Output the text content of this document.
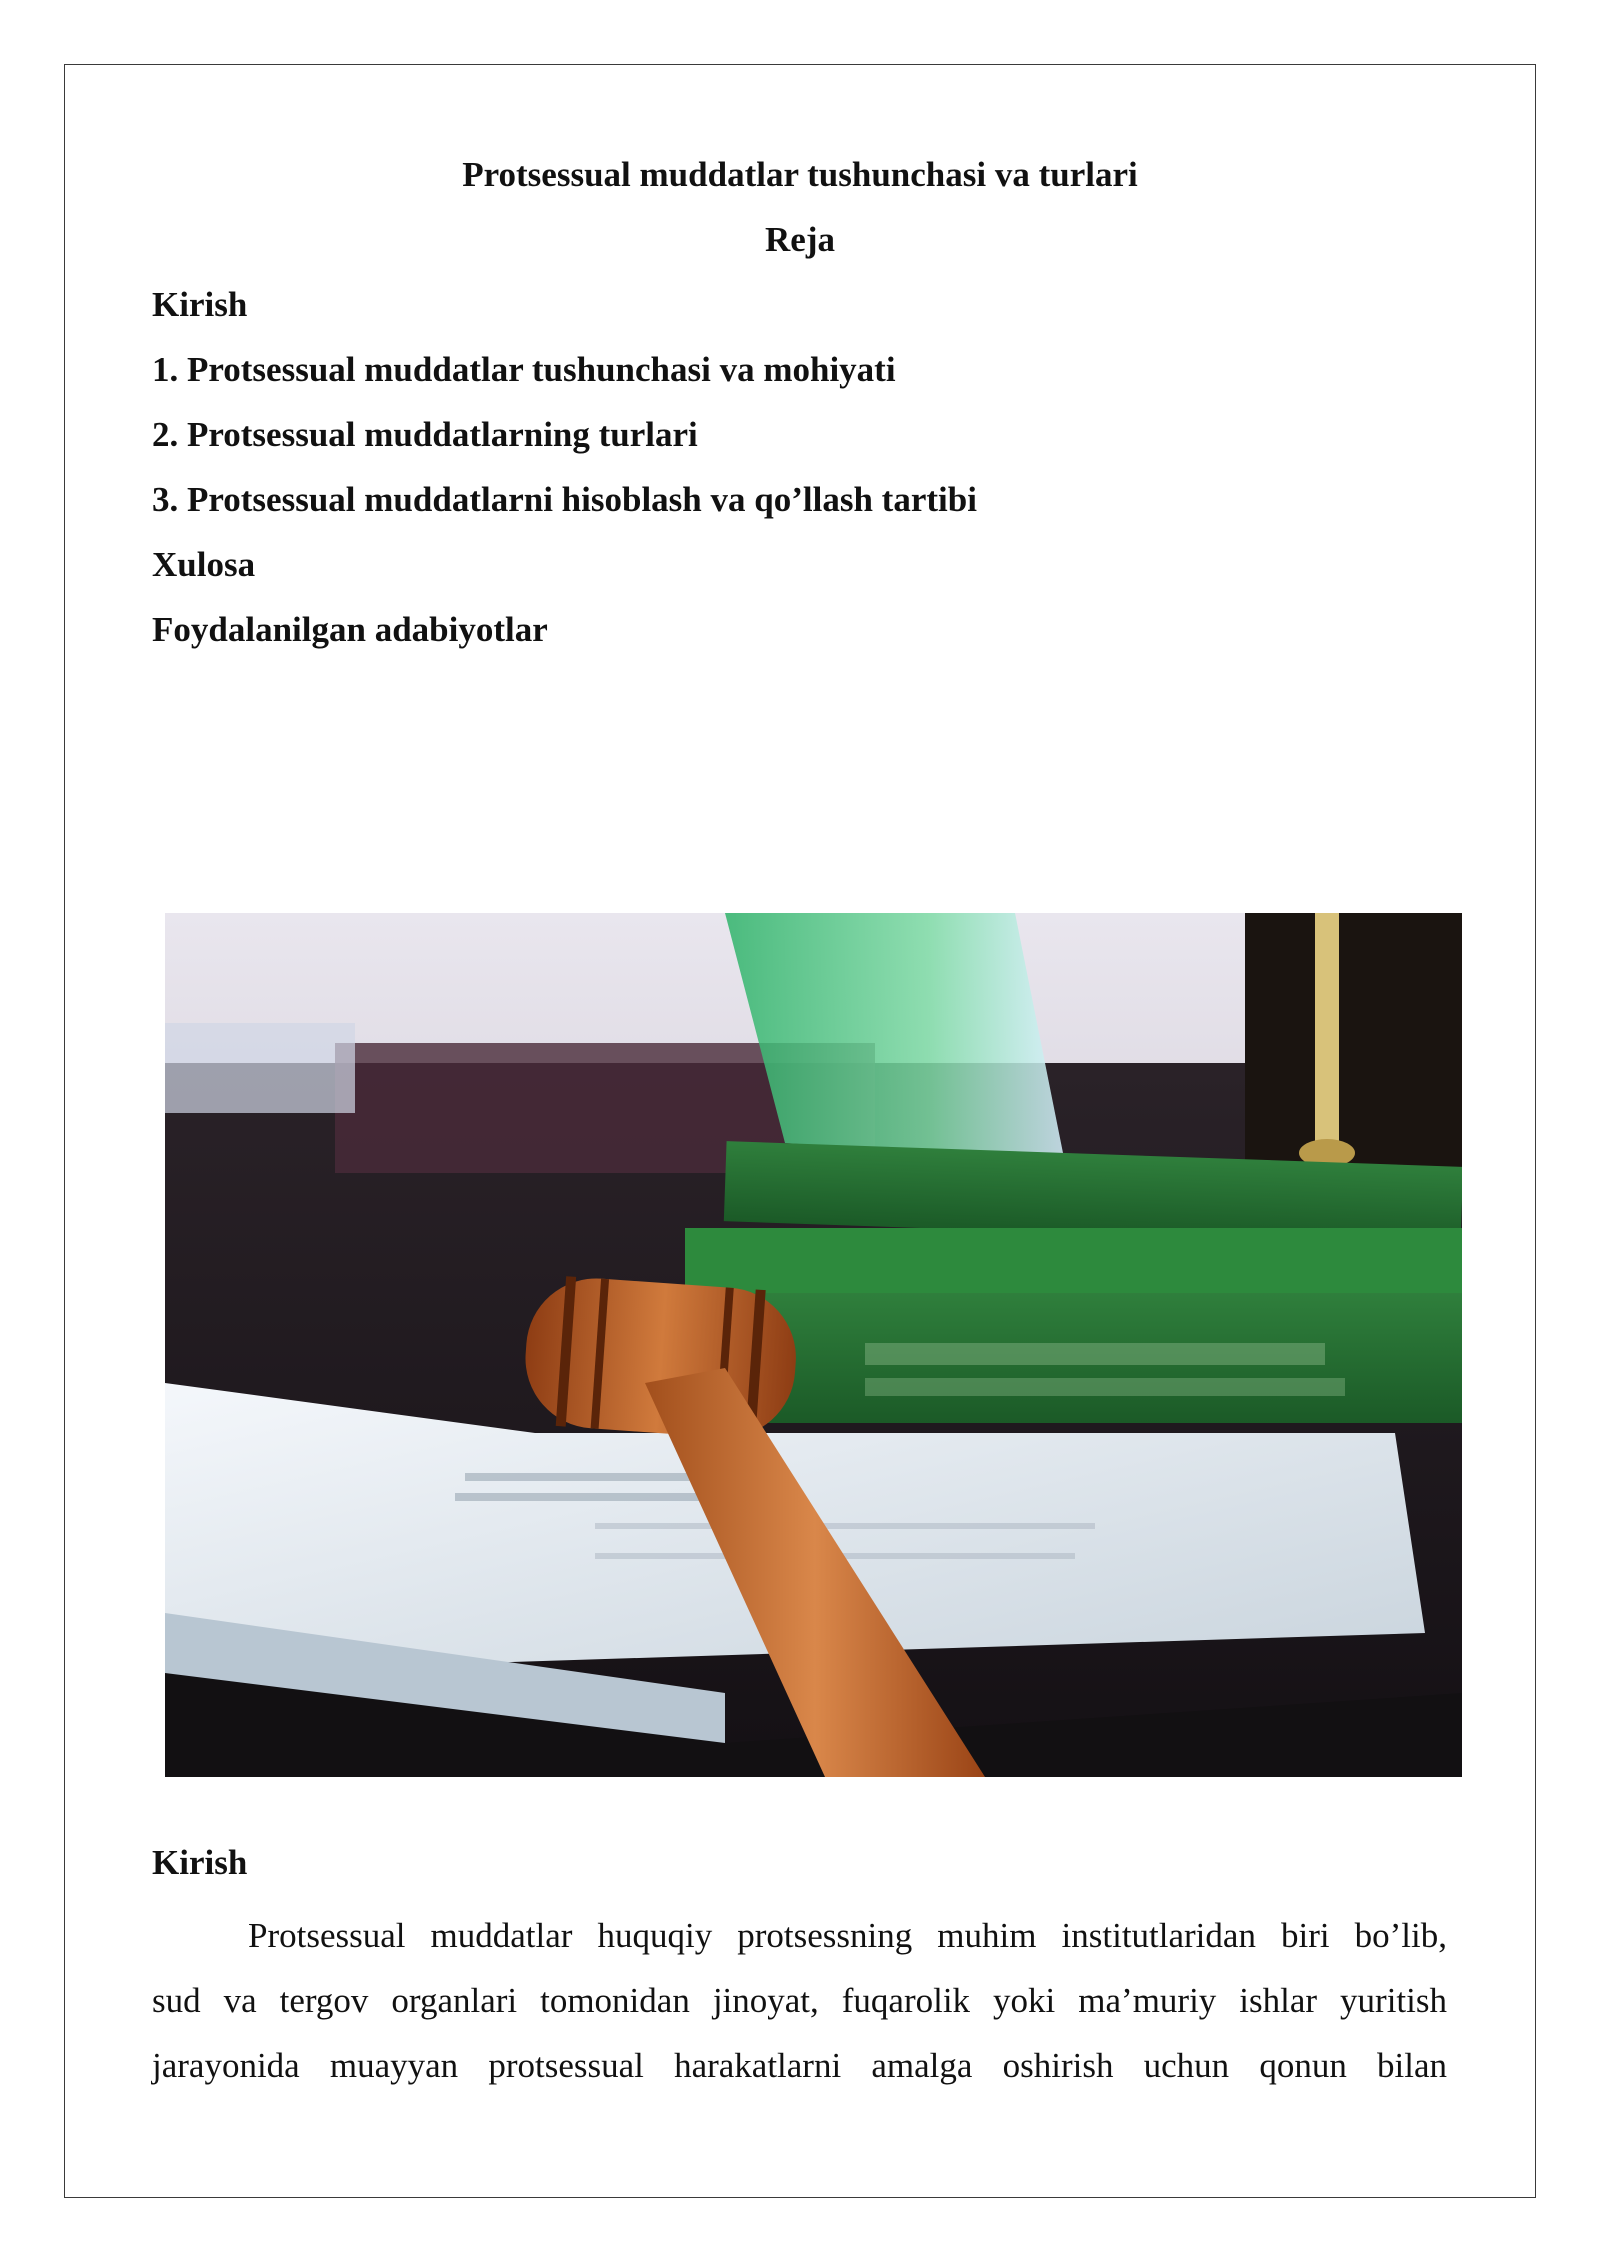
Protsessual muddatlar tushunchasi va turlari
Reja
Kirish
1. Protsessual muddatlar tushunchasi va mohiyati
2. Protsessual muddatlarning turlari
3. Protsessual muddatlarni hisoblash va qo’llash tartibi
Xulosa
Foydalanilgan adabiyotlar
Kirish
Protsessual muddatlar huquqiy protsessning muhim institutlaridan biri bo’lib,
sud va tergov organlari tomonidan jinoyat, fuqarolik yoki ma’muriy ishlar yuritish
jarayonida muayyan protsessual harakatlarni amalga oshirish uchun qonun bilan
